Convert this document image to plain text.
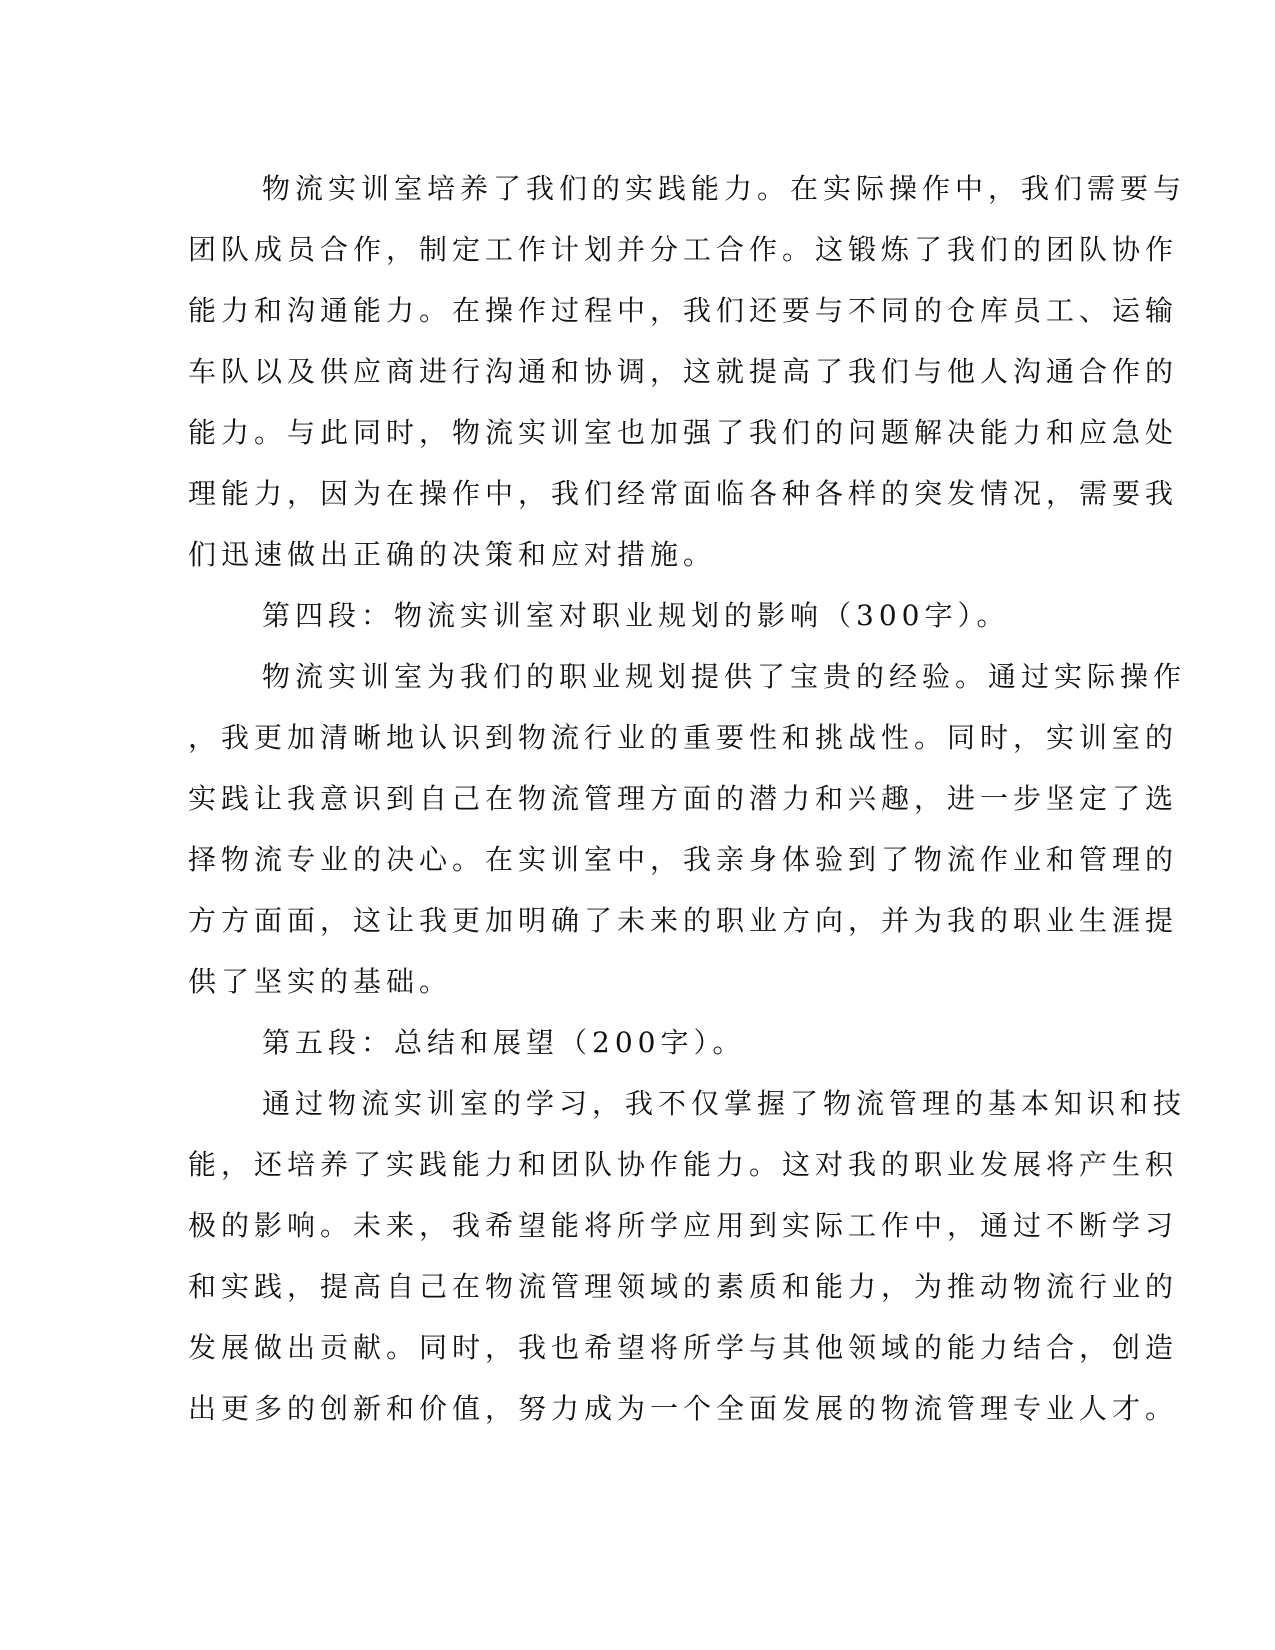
物流实训室培养了我们的实践能力。在实际操作中，我们需要与
团队成员合作，制定工作计划并分工合作。这锻炼了我们的团队协作
能力和沟通能力。在操作过程中，我们还要与不同的仓库员工、运输
车队以及供应商进行沟通和协调，这就提高了我们与他人沟通合作的
能力。与此同时，物流实训室也加强了我们的问题解决能力和应急处
理能力，因为在操作中，我们经常面临各种各样的突发情况，需要我
们迅速做出正确的决策和应对措施。
第四段：物流实训室对职业规划的影响（300字）。
物流实训室为我们的职业规划提供了宝贵的经验。通过实际操作
，我更加清晰地认识到物流行业的重要性和挑战性。同时，实训室的
实践让我意识到自己在物流管理方面的潜力和兴趣，进一步坚定了选
择物流专业的决心。在实训室中，我亲身体验到了物流作业和管理的
方方面面，这让我更加明确了未来的职业方向，并为我的职业生涯提
供了坚实的基础。
第五段：总结和展望（200字）。
通过物流实训室的学习，我不仅掌握了物流管理的基本知识和技
能，还培养了实践能力和团队协作能力。这对我的职业发展将产生积
极的影响。未来，我希望能将所学应用到实际工作中，通过不断学习
和实践，提高自己在物流管理领域的素质和能力，为推动物流行业的
发展做出贡献。同时，我也希望将所学与其他领域的能力结合，创造
出更多的创新和价值，努力成为一个全面发展的物流管理专业人才。
